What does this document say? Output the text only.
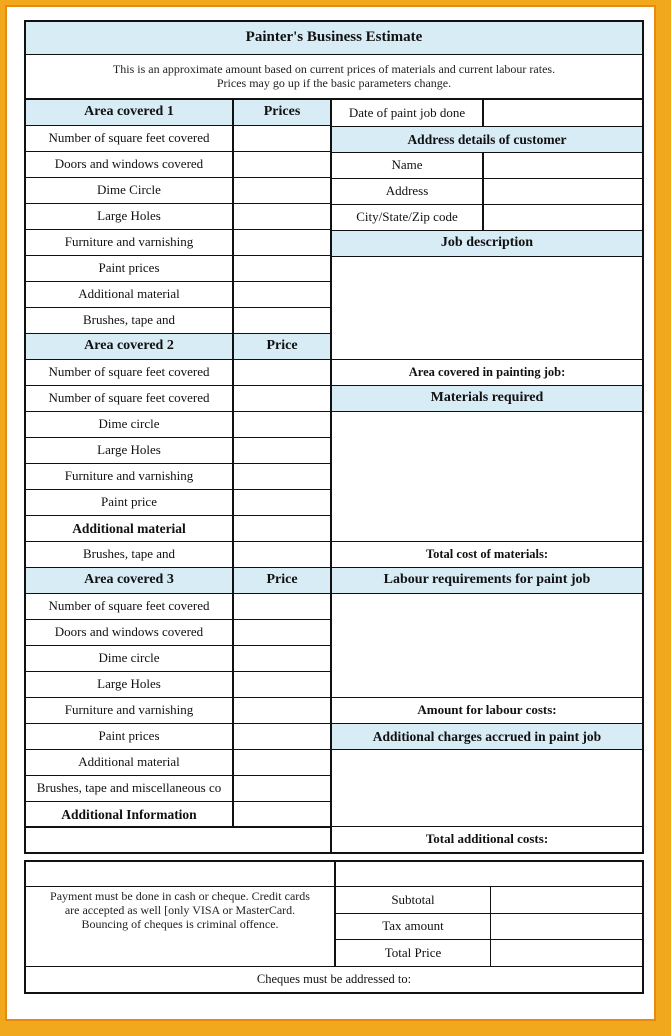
Painter's Business Estimate
This is an approximate amount based on current prices of materials and current labour rates.
Prices may go up if the basic parameters change.
Area covered 1	Prices
Number of square feet covered
Doors and windows covered
Dime Circle
Large Holes
Furniture and varnishing
Paint prices
Additional material
Brushes, tape and
Area covered 2	Price
Number of square feet covered
Number of square feet covered
Dime circle
Large Holes
Furniture and varnishing
Paint price
Additional material
Brushes, tape and
Area covered 3	Price
Number of square feet covered
Doors and windows covered
Dime circle
Large Holes
Furniture and varnishing
Paint prices
Additional material
Brushes, tape and miscellaneous co
Additional Information
Date of paint job done
Address details of customer
Name
Address
City/State/Zip code
Job description
Area covered in painting job:
Materials required
Total cost of materials:
Labour requirements for paint job
Amount for labour costs:
Additional charges accrued in paint job
Total additional costs:
Payment must be done in cash or cheque. Credit cards
are accepted as well [only VISA or MasterCard.
Bouncing of cheques is criminal offence.
Subtotal
Tax amount
Total Price
Cheques must be addressed to:
